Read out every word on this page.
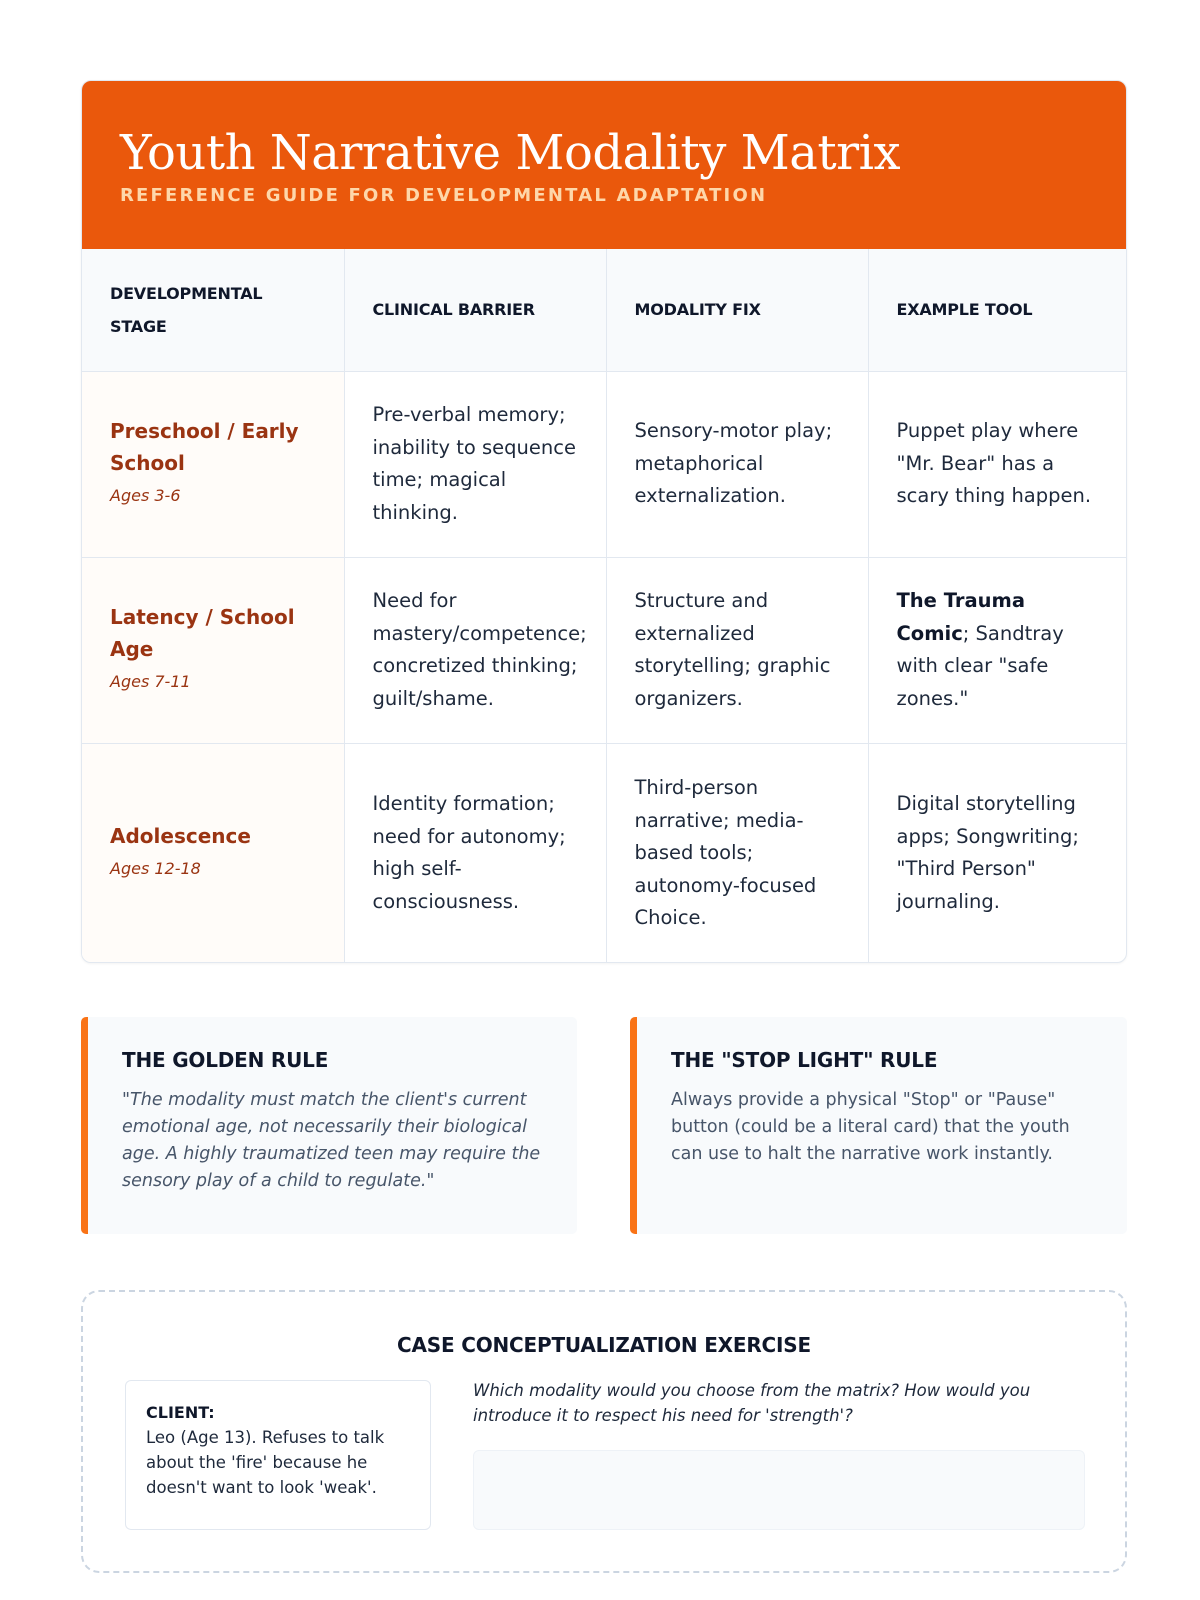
Youth Narrative Modality Matrix
REFERENCE GUIDE FOR DEVELOPMENTAL ADAPTATION
DEVELOPMENTAL STAGE	CLINICAL BARRIER	MODALITY FIX	EXAMPLE TOOL

Preschool / Early School
Ages 3-6	Pre-verbal memory; inability to sequence time; magical thinking.	Sensory-motor play; metaphorical externalization.	Puppet play where "Mr. Bear" has a scary thing happen.

Latency / School Age
Ages 7-11	Need for mastery/competence; concretized thinking; guilt/shame.	Structure and externalized storytelling; graphic organizers.	The Trauma Comic; Sandtray with clear "safe zones."

Adolescence
Ages 12-18	Identity formation; need for autonomy; high self-consciousness.	Third-person narrative; media-based tools; autonomy-focused Choice.	Digital storytelling apps; Songwriting; "Third Person" journaling.
THE GOLDEN RULE
"The modality must match the client's current emotional age, not necessarily their biological age. A highly traumatized teen may require the sensory play of a child to regulate."
THE "STOP LIGHT" RULE
Always provide a physical "Stop" or "Pause" button (could be a literal card) that the youth can use to halt the narrative work instantly.
CASE CONCEPTUALIZATION EXERCISE
CLIENT:
Leo (Age 13). Refuses to talk about the 'fire' because he doesn't want to look 'weak'.
Which modality would you choose from the matrix? How would you introduce it to respect his need for 'strength'?
